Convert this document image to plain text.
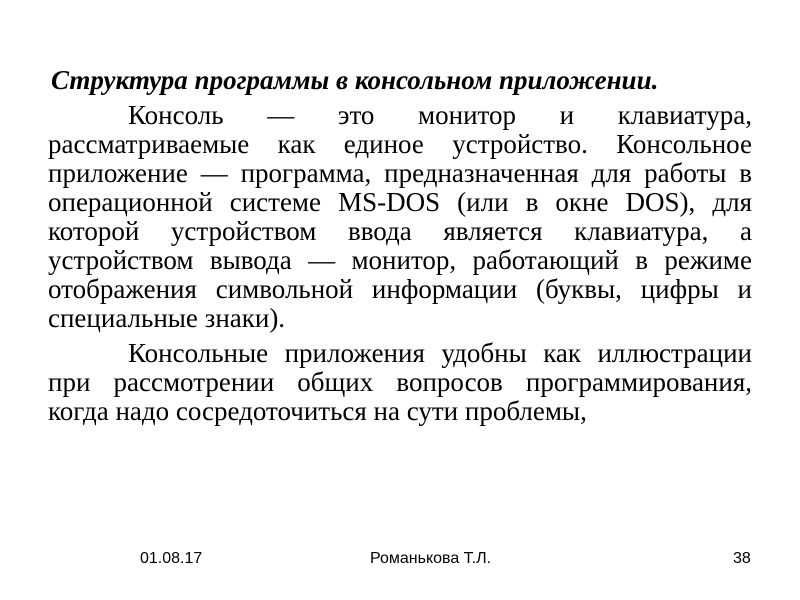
Структура программы в консольном приложении.

Консоль — это монитор и клавиатура, рассматриваемые как единое устройство. Консольное приложение — программа, предназначенная для работы в операционной системе MS-DOS (или в окне DOS), для которой устройством ввода является клавиатура, а устройством вывода — монитор, работающий в режиме отображения символьной информации (буквы, цифры и специальные знаки).

Консольные приложения удобны как иллюстрации при рассмотрении общих вопросов программирования, когда надо сосредоточиться на сути проблемы,

01.08.17	Романькова Т.Л.	38
